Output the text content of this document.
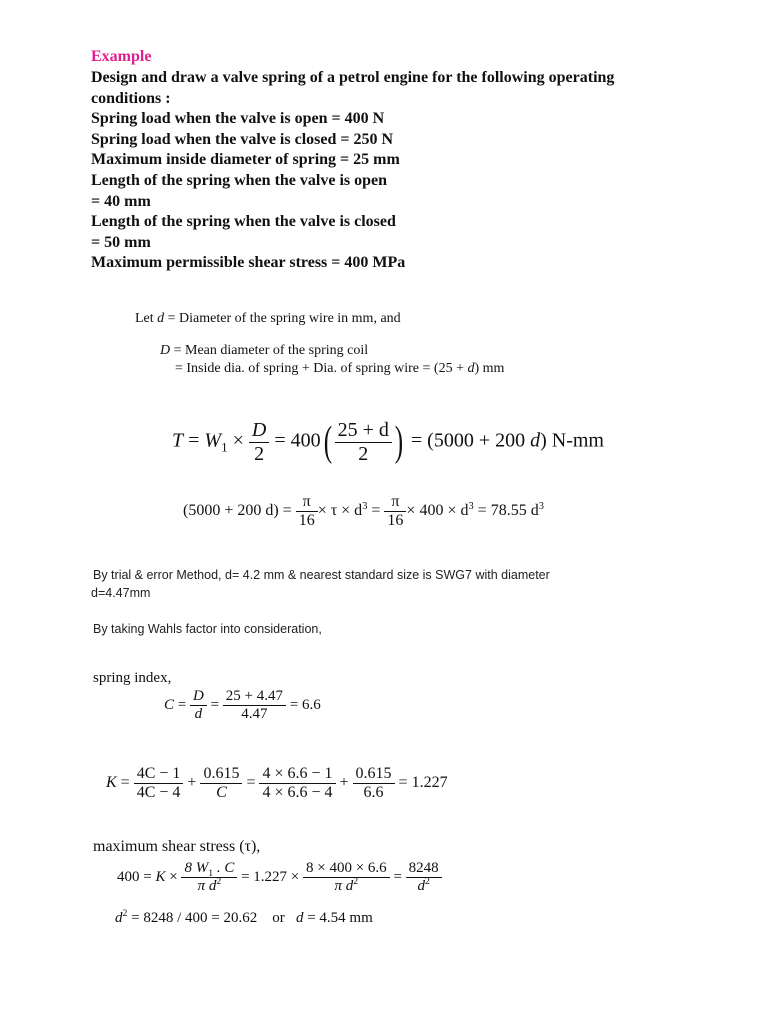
Example
Design and draw a valve spring of a petrol engine for the following operating
conditions :
Spring load when the valve is open = 400 N
Spring load when the valve is closed = 250 N
Maximum inside diameter of spring = 25 mm
Length of the spring when the valve is open
= 40 mm
Length of the spring when the valve is closed
= 50 mm
Maximum permissible shear stress = 400 MPa
Let d = Diameter of the spring wire in mm, and
D = Mean diameter of the spring coil
= Inside dia. of spring + Dia. of spring wire = (25 + d) mm
$T = W_1 \times \frac{D}{2} = 400( \frac{25 + d}{2}$ ) = (5000 + 200 d) N-mm
(5000 + 200 $d) = \frac{\pi}{16} \times \tau \times d^3 = \frac{\pi}{16} \times 400 \times d^3 = 78.55$ $d^3$
By trial & error Method, d= 4.2 mm & nearest standard size is SWG7 with diameter
d=4.47mm
By taking Wahls factor into consideration,
spring index,
$C = \frac{D}{d} = \frac{25 + 4.47}{4.47} = 6.6$
$K = \frac{4C - 1}{4C - 4} + \frac{0.615}{C} = \frac{4 \times 6.6 - 1}{4 \times 6.6 - 4} + \frac{0.615}{6.6} = 1.227$
maximum shear stress (τ),
$400 = K \times \frac{8 W_1 . C}{\pi d^2} = 1.227 \times \frac{8 \times 400 \times 6.6}{\pi d^2} = \frac{8248}{d^2}$
$d^2 = 8248 / 400 = 20.62$    or   d = 4.54 mm
